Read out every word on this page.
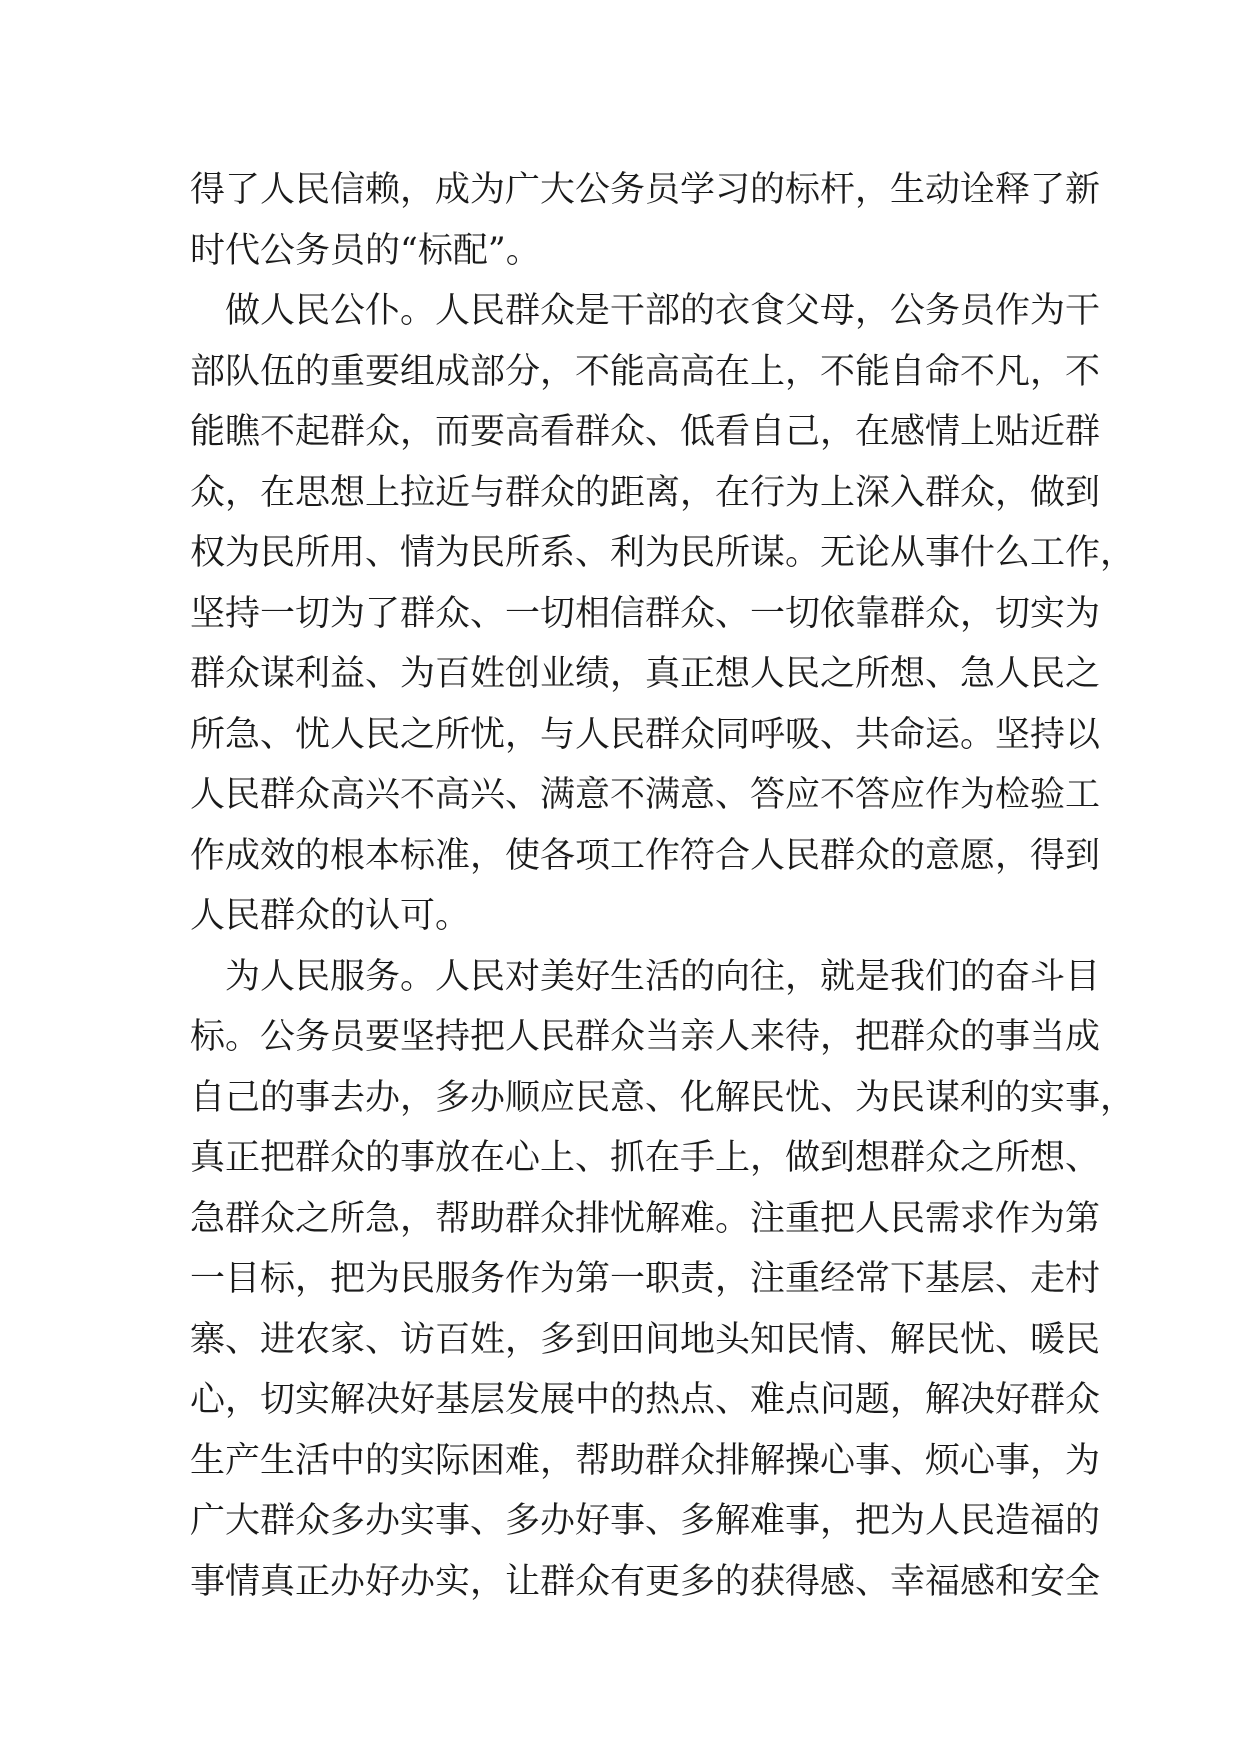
得了人民信赖，成为广大公务员学习的标杆，生动诠释了新
时代公务员的“标配”。
做人民公仆。人民群众是干部的衣食父母，公务员作为干
部队伍的重要组成部分，不能高高在上，不能自命不凡，不
能瞧不起群众，而要高看群众、低看自己，在感情上贴近群
众，在思想上拉近与群众的距离，在行为上深入群众，做到
权为民所用、情为民所系、利为民所谋。无论从事什么工作，
坚持一切为了群众、一切相信群众、一切依靠群众，切实为
群众谋利益、为百姓创业绩，真正想人民之所想、急人民之
所急、忧人民之所忧，与人民群众同呼吸、共命运。坚持以
人民群众高兴不高兴、满意不满意、答应不答应作为检验工
作成效的根本标准，使各项工作符合人民群众的意愿，得到
人民群众的认可。
为人民服务。人民对美好生活的向往，就是我们的奋斗目
标。公务员要坚持把人民群众当亲人来待，把群众的事当成
自己的事去办，多办顺应民意、化解民忧、为民谋利的实事，
真正把群众的事放在心上、抓在手上，做到想群众之所想、
急群众之所急，帮助群众排忧解难。注重把人民需求作为第
一目标，把为民服务作为第一职责，注重经常下基层、走村
寨、进农家、访百姓，多到田间地头知民情、解民忧、暖民
心，切实解决好基层发展中的热点、难点问题，解决好群众
生产生活中的实际困难，帮助群众排解操心事、烦心事，为
广大群众多办实事、多办好事、多解难事，把为人民造福的
事情真正办好办实，让群众有更多的获得感、幸福感和安全
